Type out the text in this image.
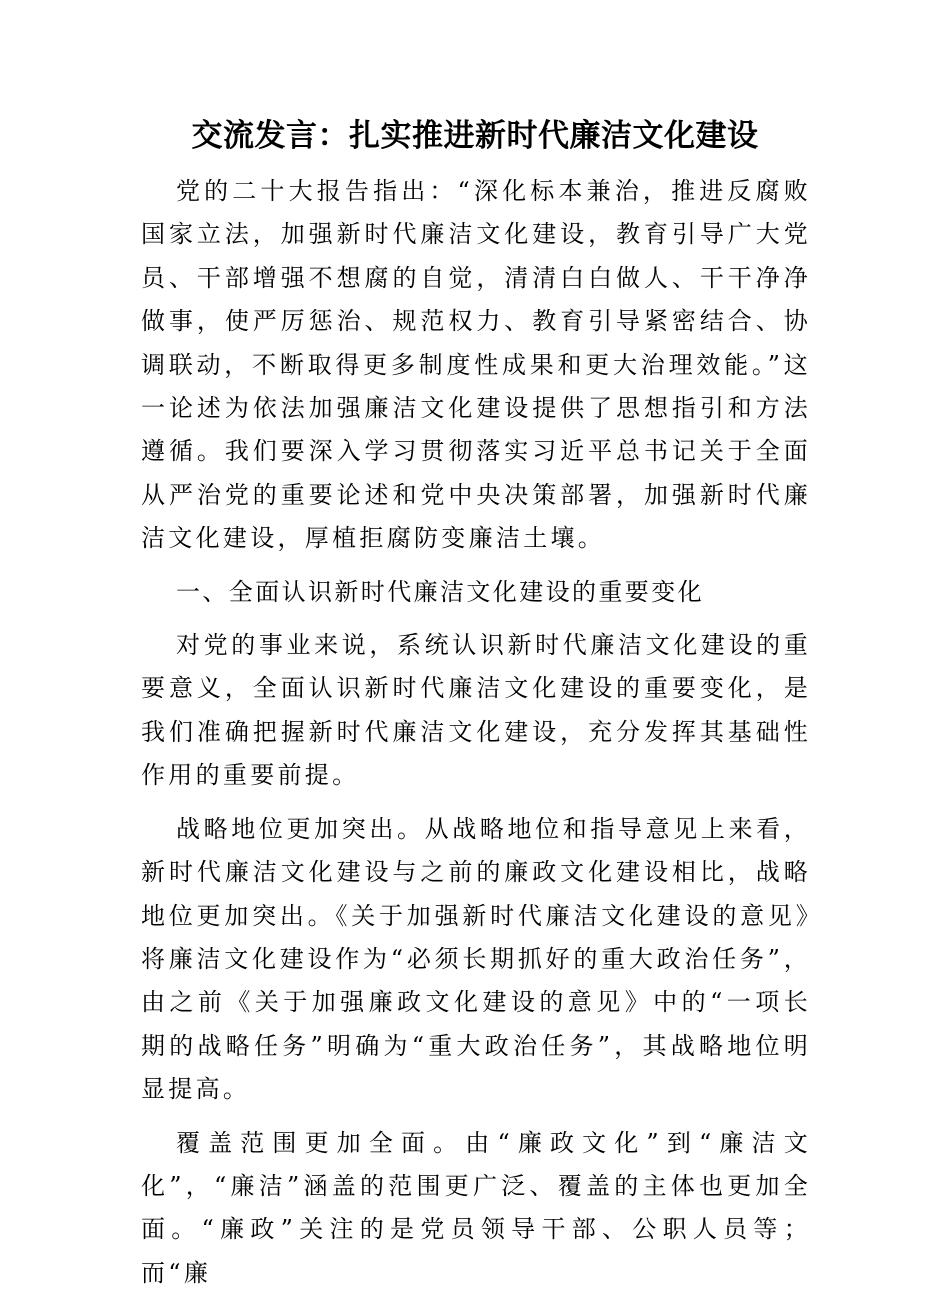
交流发言：扎实推进新时代廉洁文化建设

党的二十大报告指出：“深化标本兼治，推进反腐败国家立法，加强新时代廉洁文化建设，教育引导广大党员、干部增强不想腐的自觉，清清白白做人、干干净净做事，使严厉惩治、规范权力、教育引导紧密结合、协调联动，不断取得更多制度性成果和更大治理效能。”这一论述为依法加强廉洁文化建设提供了思想指引和方法遵循。我们要深入学习贯彻落实习近平总书记关于全面从严治党的重要论述和党中央决策部署，加强新时代廉洁文化建设，厚植拒腐防变廉洁土壤。

一、全面认识新时代廉洁文化建设的重要变化

对党的事业来说，系统认识新时代廉洁文化建设的重要意义，全面认识新时代廉洁文化建设的重要变化，是我们准确把握新时代廉洁文化建设，充分发挥其基础性作用的重要前提。

战略地位更加突出。从战略地位和指导意见上来看，新时代廉洁文化建设与之前的廉政文化建设相比，战略地位更加突出。《关于加强新时代廉洁文化建设的意见》将廉洁文化建设作为“必须长期抓好的重大政治任务”，由之前《关于加强廉政文化建设的意见》中的“一项长期的战略任务”明确为“重大政治任务”，其战略地位明显提高。

覆盖范围更加全面。由“廉政文化”到“廉洁文化”，“廉洁”涵盖的范围更广泛、覆盖的主体也更加全面。“廉政”关注的是党员领导干部、公职人员等；而“廉
